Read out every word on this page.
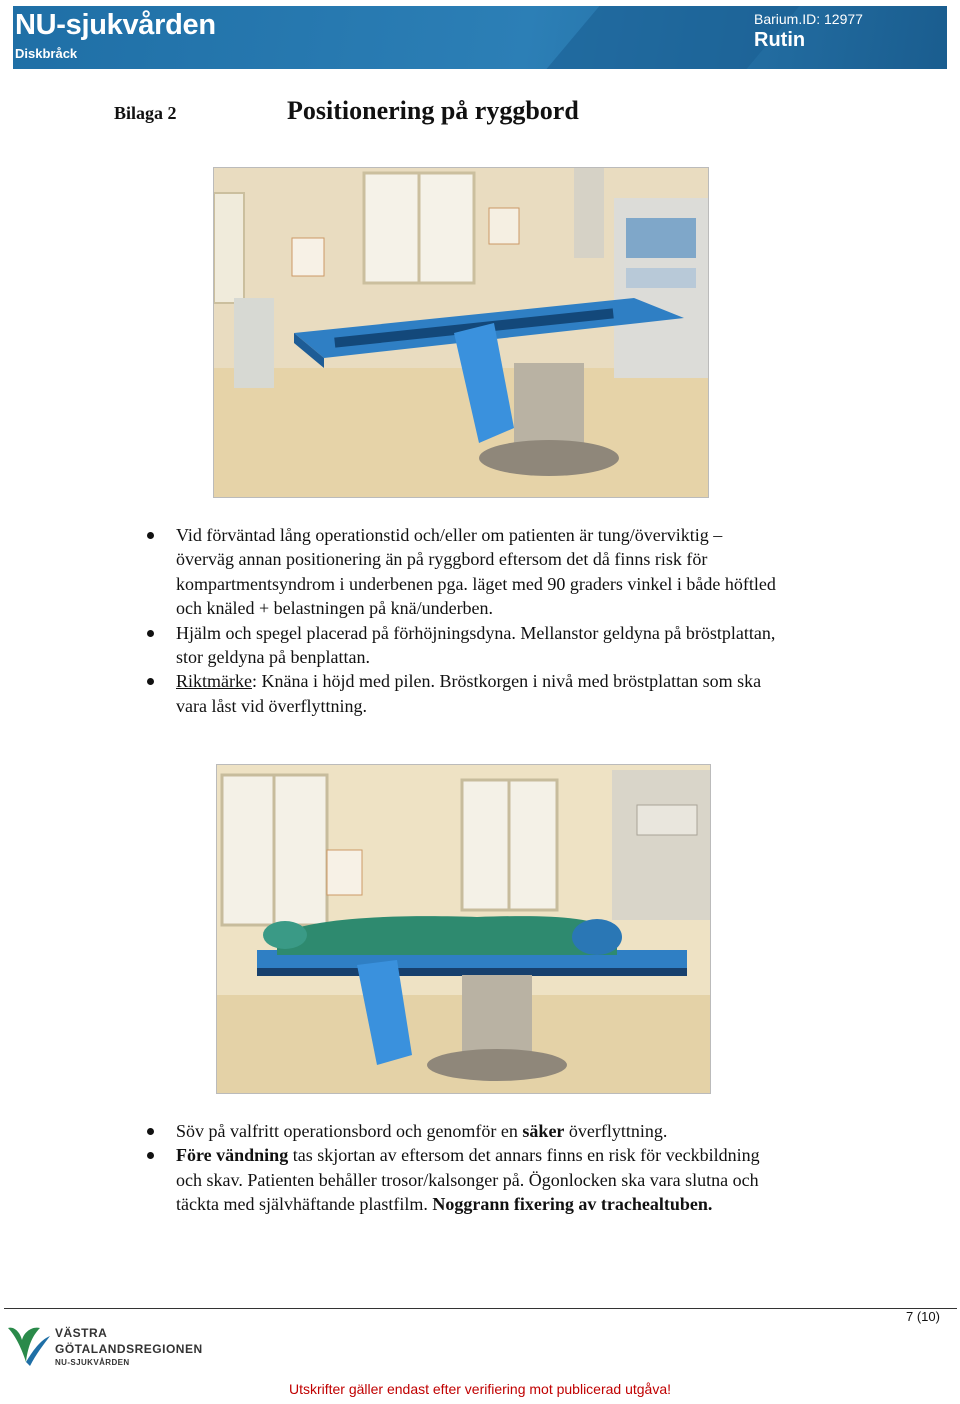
NU-sjukvården
Diskbråck
Barium.ID: 12977
Rutin
Bilaga 2	Positionering på ryggbord
Vid förväntad lång operationstid och/eller om patienten är tung/överviktig – överväg annan positionering än på ryggbord eftersom det då finns risk för kompartmentsyndrom i underbenen pga. läget med 90 graders vinkel i både höftled och knäled + belastningen på knä/underben.
Hjälm och spegel placerad på förhöjningsdyna. Mellanstor geldyna på bröstplattan, stor geldyna på benplattan.
Riktmärke: Knäna i höjd med pilen. Bröstkorgen i nivå med bröstplattan som ska vara låst vid överflyttning.
Söv på valfritt operationsbord och genomför en säker överflyttning.
Före vändning tas skjortan av eftersom det annars finns en risk för veckbildning och skav. Patienten behåller trosor/kalsonger på. Ögonlocken ska vara slutna och täckta med självhäftande plastfilm. Noggrann fixering av trachealtuben.
7 (10)
VÄSTRA
GÖTALANDSREGIONEN
NU-SJUKVÅRDEN
Utskrifter gäller endast efter verifiering mot publicerad utgåva!
